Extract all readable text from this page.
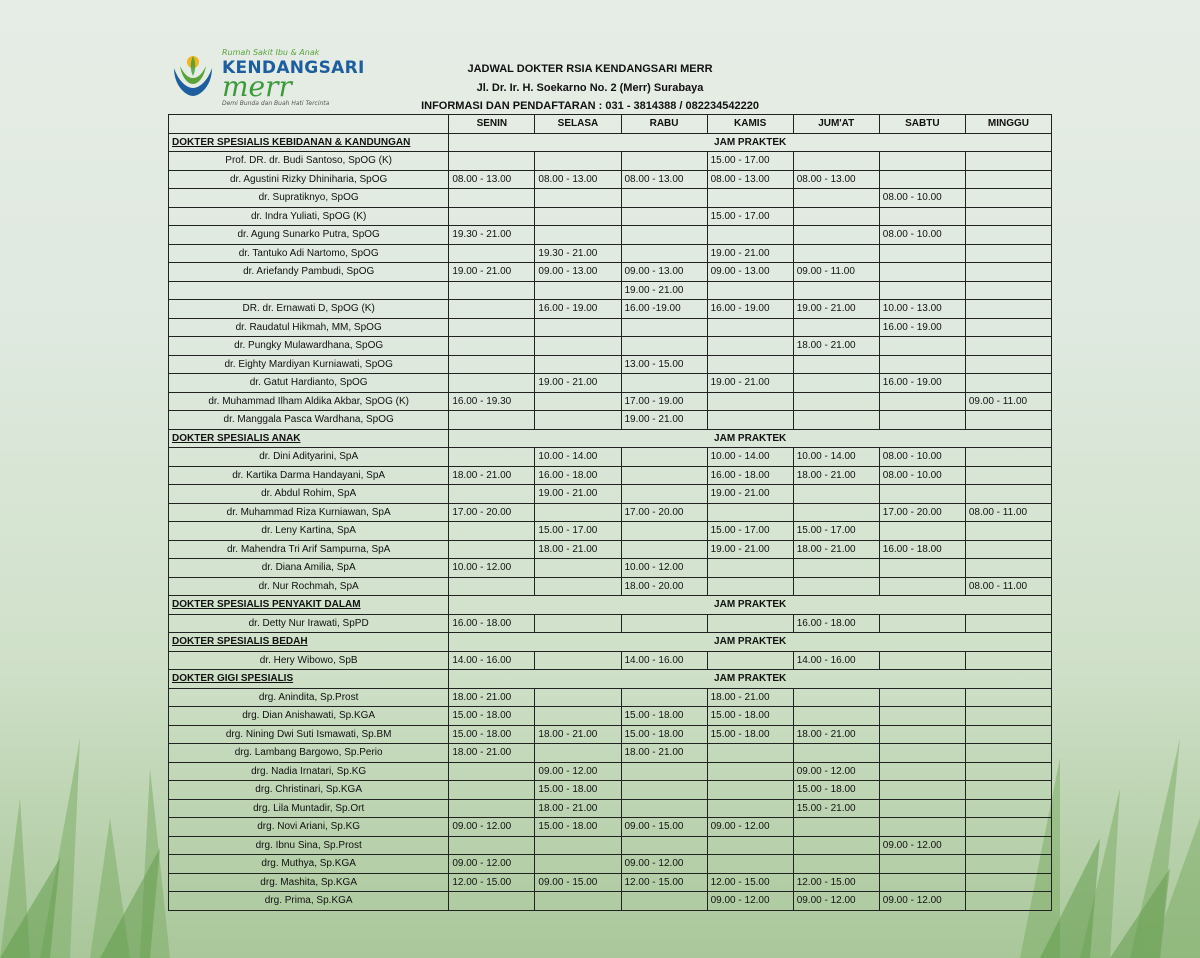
Rumah Sakit Ibu & Anak
KENDANGSARI
merr
Demi Bunda dan Buah Hati Tercinta
JADWAL DOKTER RSIA KENDANGSARI MERR
Jl. Dr. Ir. H. Soekarno No. 2 (Merr) Surabaya
INFORMASI DAN PENDAFTARAN : 031 - 3814388 / 082234542220
	SENIN	SELASA	RABU	KAMIS	JUM'AT	SABTU	MINGGU
DOKTER SPESIALIS KEBIDANAN & KANDUNGAN	JAM PRAKTEK						
Prof. DR. dr. Budi Santoso, SpOG (K)				15.00 - 17.00			
dr. Agustini Rizky Dhiniharia, SpOG	08.00 - 13.00	08.00 - 13.00	08.00 - 13.00	08.00 - 13.00	08.00 - 13.00		
dr. Supratiknyo, SpOG						08.00 - 10.00	
dr. Indra Yuliati, SpOG (K)				15.00 - 17.00			
dr. Agung Sunarko Putra, SpOG	19.30 - 21.00					08.00 - 10.00	
dr. Tantuko Adi Nartomo, SpOG		19.30 - 21.00		19.00 - 21.00			
dr. Ariefandy Pambudi, SpOG	19.00 - 21.00	09.00 - 13.00	09.00 - 13.00	09.00 - 13.00	09.00 - 11.00		
			19.00 - 21.00				
DR. dr. Ernawati D, SpOG (K)		16.00 - 19.00	16.00 -19.00	16.00 - 19.00	19.00 - 21.00	10.00 - 13.00	
dr. Raudatul Hikmah, MM, SpOG						16.00 - 19.00	
dr. Pungky Mulawardhana, SpOG					18.00 - 21.00		
dr. Eighty Mardiyan Kurniawati, SpOG			13.00 - 15.00				
dr. Gatut Hardianto, SpOG		19.00 - 21.00		19.00 - 21.00		16.00 - 19.00	
dr. Muhammad Ilham Aldika Akbar, SpOG (K)	16.00 - 19.30		17.00 - 19.00				09.00 - 11.00
dr. Manggala Pasca Wardhana, SpOG			19.00 - 21.00				
DOKTER SPESIALIS ANAK	JAM PRAKTEK						
dr. Dini Adityarini, SpA		10.00 - 14.00		10.00 - 14.00	10.00 - 14.00	08.00 - 10.00	
dr. Kartika Darma Handayani, SpA	18.00 - 21.00	16.00 - 18.00		16.00 - 18.00	18.00 - 21.00	08.00 - 10.00	
dr. Abdul Rohim, SpA		19.00 - 21.00		19.00 - 21.00			
dr. Muhammad Riza Kurniawan, SpA	17.00 - 20.00		17.00 - 20.00			17.00 - 20.00	08.00 - 11.00
dr. Leny Kartina, SpA		15.00 - 17.00		15.00 - 17.00	15.00 - 17.00		
dr. Mahendra Tri Arif Sampurna, SpA		18.00 - 21.00		19.00 - 21.00	18.00 - 21.00	16.00 - 18.00	
dr. Diana Amilia, SpA	10.00 - 12.00		10.00 - 12.00				
dr. Nur Rochmah, SpA			18.00 - 20.00				08.00 - 11.00
DOKTER SPESIALIS PENYAKIT DALAM	JAM PRAKTEK						
dr. Detty Nur Irawati, SpPD	16.00 - 18.00				16.00 - 18.00		
DOKTER SPESIALIS BEDAH	JAM PRAKTEK						
dr. Hery Wibowo, SpB	14.00 - 16.00		14.00 - 16.00		14.00 - 16.00		
DOKTER GIGI SPESIALIS	JAM PRAKTEK						
drg. Anindita, Sp.Prost	18.00 - 21.00			18.00 - 21.00			
drg. Dian Anishawati, Sp.KGA	15.00 - 18.00		15.00 - 18.00	15.00 - 18.00			
drg. Nining Dwi Suti Ismawati, Sp.BM	15.00 - 18.00	18.00 - 21.00	15.00 - 18.00	15.00 - 18.00	18.00 - 21.00		
drg. Lambang Bargowo, Sp.Perio	18.00 - 21.00		18.00 - 21.00				
drg. Nadia Irnatari, Sp.KG		09.00 - 12.00			09.00 - 12.00		
drg. Christinari, Sp.KGA		15.00 - 18.00			15.00 - 18.00		
drg. Lila Muntadir, Sp.Ort		18.00 - 21.00			15.00 - 21.00		
drg. Novi Ariani, Sp.KG	09.00 - 12.00	15.00 - 18.00	09.00 - 15.00	09.00 - 12.00			
drg. Ibnu Sina, Sp.Prost						09.00 - 12.00	
drg. Muthya, Sp.KGA	09.00 - 12.00		09.00 - 12.00				
drg. Mashita, Sp.KGA	12.00 - 15.00	09.00 - 15.00	12.00 - 15.00	12.00 - 15.00	12.00 - 15.00		
drg. Prima, Sp.KGA				09.00 - 12.00	09.00 - 12.00	09.00 - 12.00	
